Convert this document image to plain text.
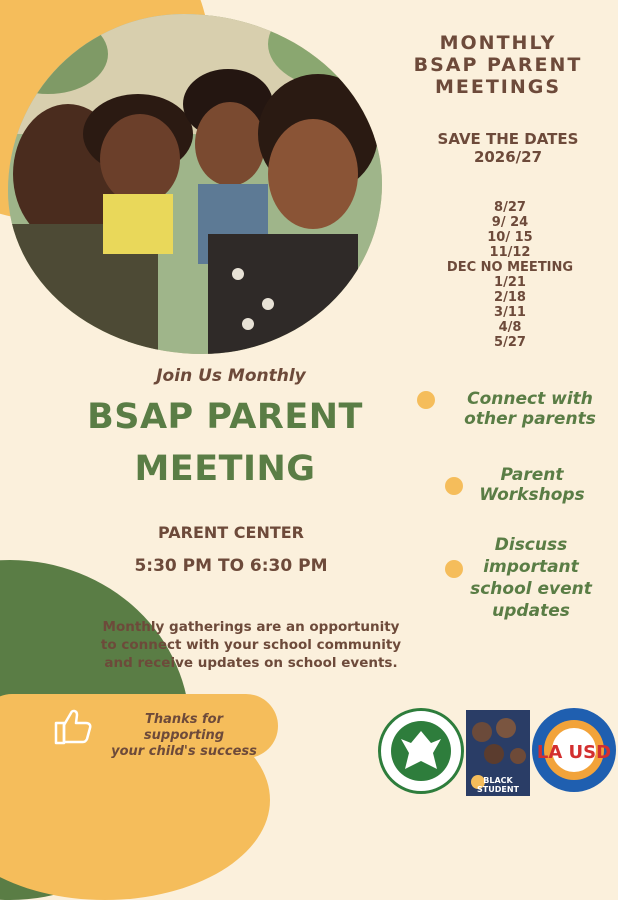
MONTHLY
BSAP PARENT
MEETINGS
SAVE THE DATES
2026/27
8/27
9/ 24
10/ 15
11/12
DEC NO MEETING
1/21
2/18
3/11
4/8
5/27
Connect with
other parents
Parent
Workshops
Discuss
important
school event
updates
Join Us Monthly
BSAP PARENT
MEETING
PARENT CENTER
5:30 PM TO 6:30 PM
Monthly gatherings are an opportunity
to connect with your school community
and receive updates on school events.
Thanks for supporting
your child's success
BLACK STUDENT
LA USD
